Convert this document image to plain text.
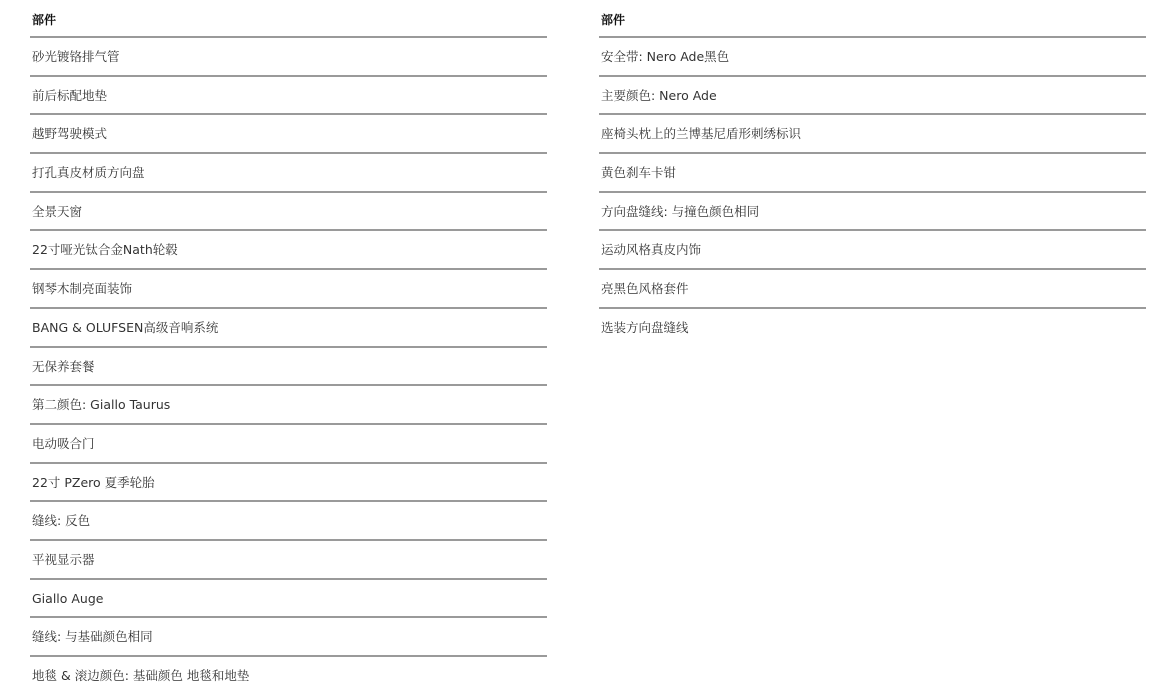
部件
砂光镀铬排气管
前后标配地垫
越野驾驶模式
打孔真皮材质方向盘
全景天窗
22寸哑光钛合金Nath轮毂
钢琴木制亮面装饰
BANG & OLUFSEN高级音响系统
无保养套餐
第二颜色: Giallo Taurus
电动吸合门
22寸 PZero 夏季轮胎
缝线: 反色
平视显示器
Giallo Auge
缝线: 与基础颜色相同
地毯 & 滚边颜色: 基础颜色 地毯和地垫
部件
安全带: Nero Ade黑色
主要颜色: Nero Ade
座椅头枕上的兰博基尼盾形刺绣标识
黄色刹车卡钳
方向盘缝线: 与撞色颜色相同
运动风格真皮内饰
亮黑色风格套件
选装方向盘缝线
